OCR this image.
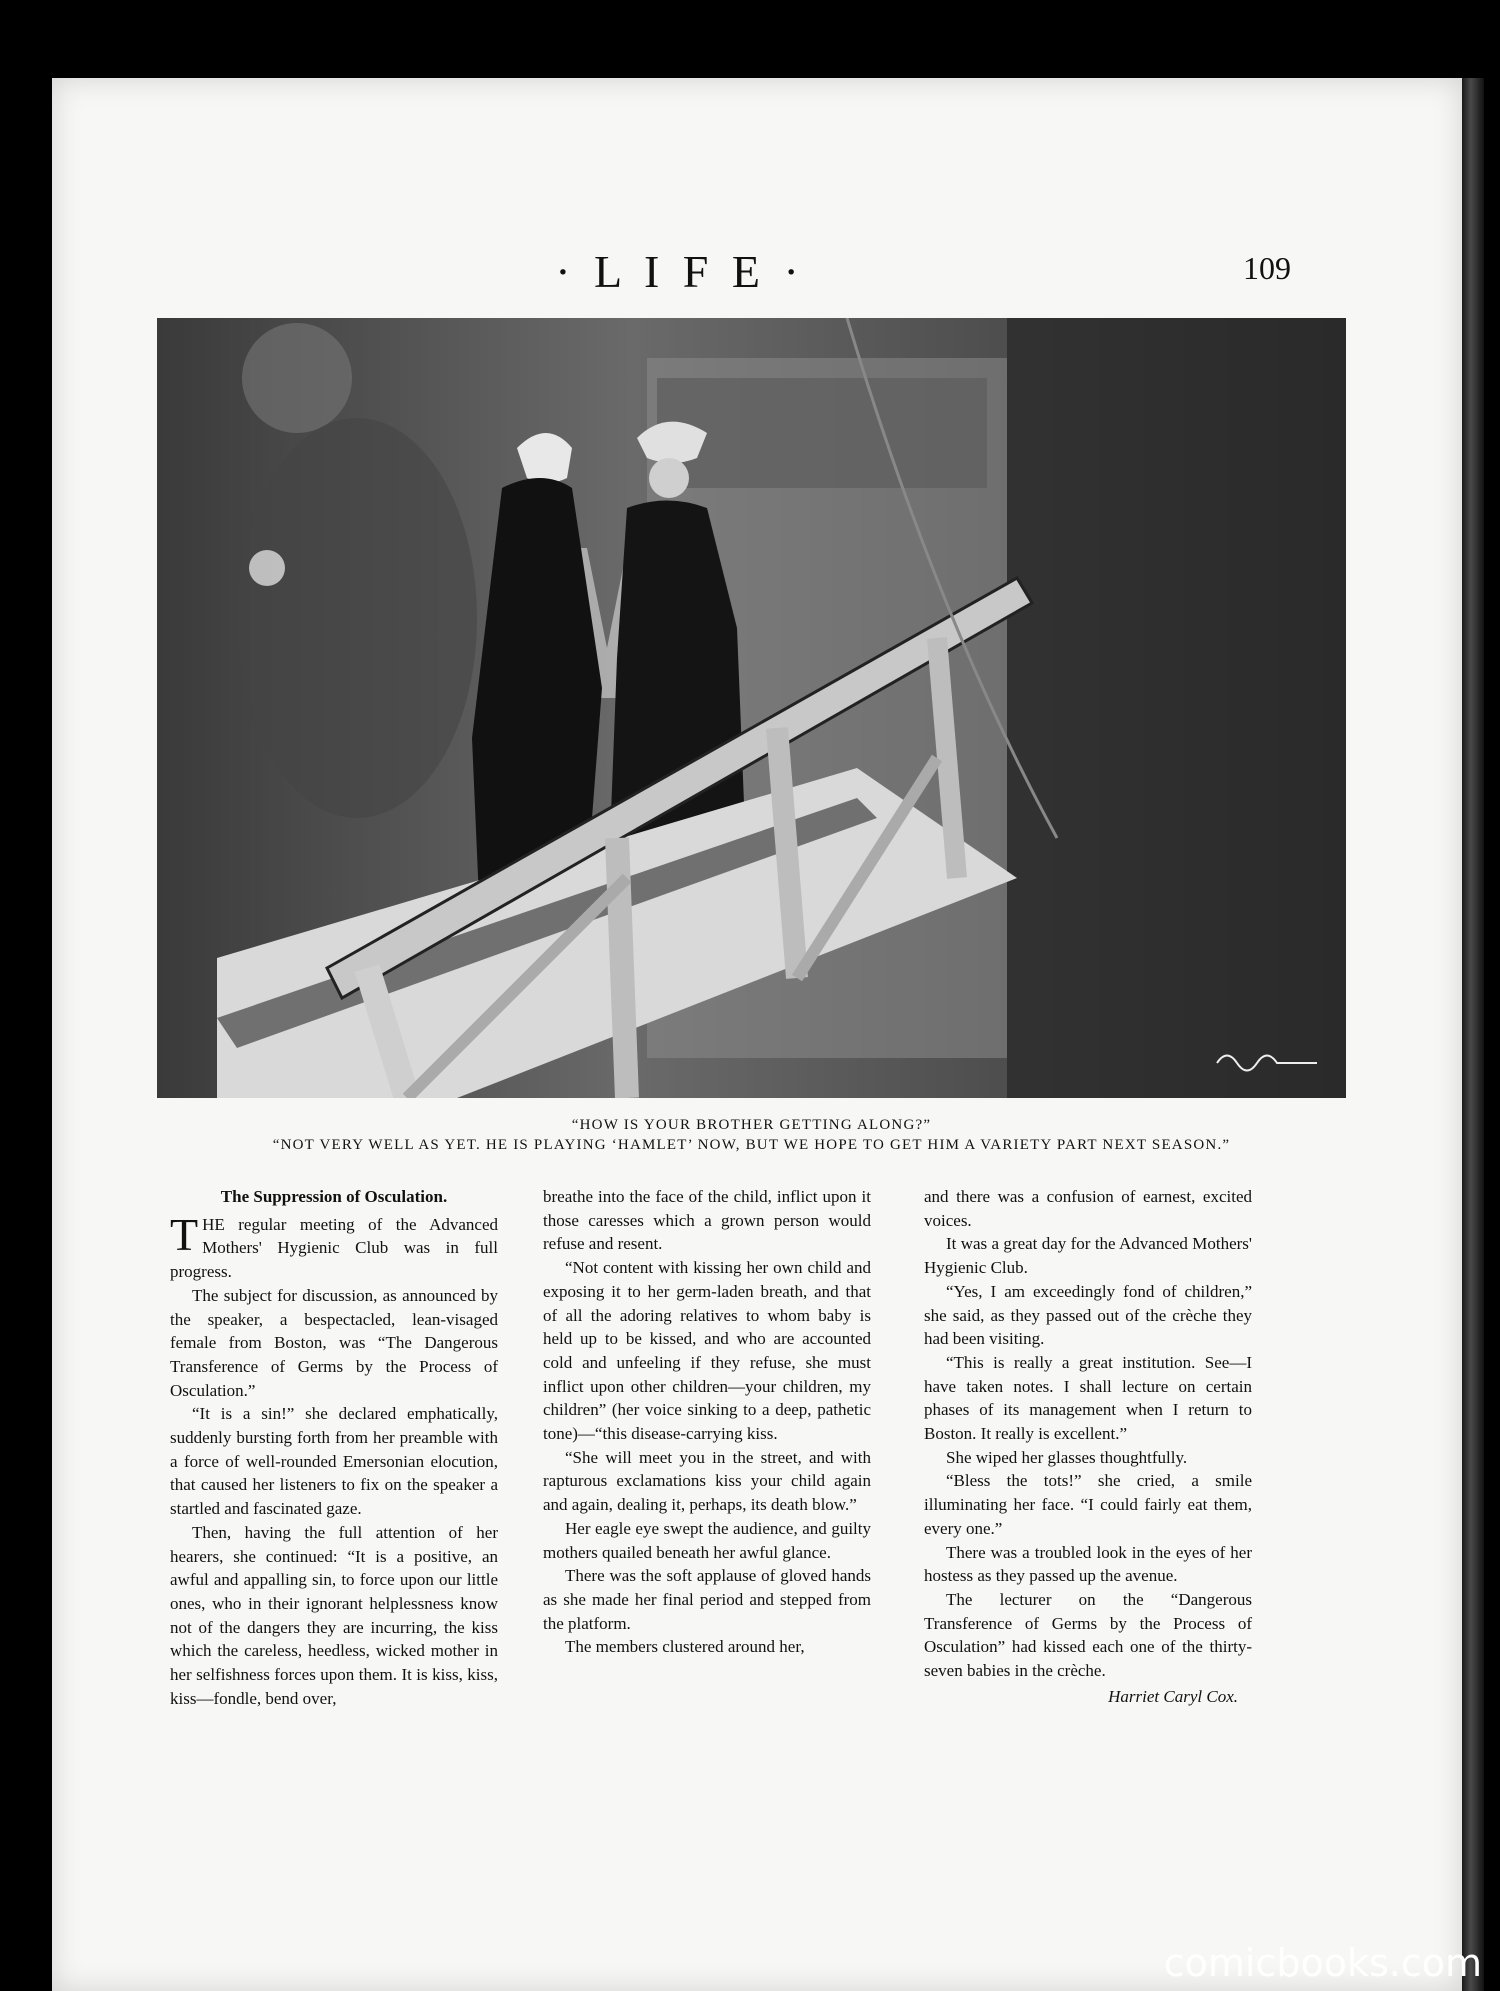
· L I F E ·	109
“HOW IS YOUR BROTHER GETTING ALONG?”
“NOT VERY WELL AS YET. HE IS PLAYING ‘HAMLET’ NOW, BUT WE HOPE TO GET HIM A VARIETY PART NEXT SEASON.”
The Suppression of Osculation.

THE regular meeting of the Advanced Mothers' Hygienic Club was in full progress.

The subject for discussion, as announced by the speaker, a bespectacled, lean-visaged female from Boston, was “The Dangerous Transference of Germs by the Process of Osculation.”

“It is a sin!” she declared emphatically, suddenly bursting forth from her preamble with a force of well-rounded Emersonian elocution, that caused her listeners to fix on the speaker a startled and fascinated gaze.

Then, having the full attention of her hearers, she continued: “It is a positive, an awful and appalling sin, to force upon our little ones, who in their ignorant helplessness know not of the dangers they are incurring, the kiss which the careless, heedless, wicked mother in her selfishness forces upon them. It is kiss, kiss, kiss—fondle, bend over,

breathe into the face of the child, inflict upon it those caresses which a grown person would refuse and resent.

“Not content with kissing her own child and exposing it to her germ-laden breath, and that of all the adoring relatives to whom baby is held up to be kissed, and who are accounted cold and unfeeling if they refuse, she must inflict upon other children—your children, my children” (her voice sinking to a deep, pathetic tone)—“this disease-carrying kiss.

“She will meet you in the street, and with rapturous exclamations kiss your child again and again, dealing it, perhaps, its death blow.”

Her eagle eye swept the audience, and guilty mothers quailed beneath her awful glance.

There was the soft applause of gloved hands as she made her final period and stepped from the platform.

The members clustered around her,

and there was a confusion of earnest, excited voices.

It was a great day for the Advanced Mothers' Hygienic Club.

“Yes, I am exceedingly fond of children,” she said, as they passed out of the crèche they had been visiting.

“This is really a great institution. See—I have taken notes. I shall lecture on certain phases of its management when I return to Boston. It really is excellent.”

She wiped her glasses thoughtfully.

“Bless the tots!” she cried, a smile illuminating her face. “I could fairly eat them, every one.”

There was a troubled look in the eyes of her hostess as they passed up the avenue.

The lecturer on the “Dangerous Transference of Germs by the Process of Osculation” had kissed each one of the thirty-seven babies in the crèche.

Harriet Caryl Cox.
comicbooks.com
